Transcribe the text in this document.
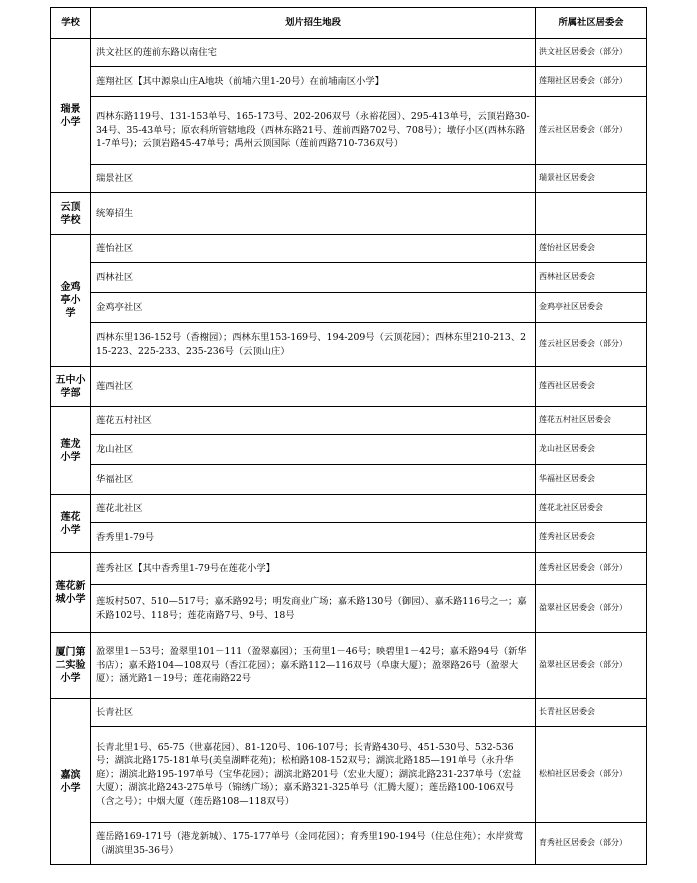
学校	划片招生地段	所属社区居委会
瑞景
小学	洪文社区的莲前东路以南住宅	洪文社区居委会（部分）
	莲翔社区【其中源泉山庄A地块（前埔六里1-20号）在前埔南区小学】	莲翔社区居委会（部分）
	西林东路119号、131-153单号、165-173号、202-206双号（永裕花园）、295-413单号，云顶岩路30-34号、35-43单号；原农科所管辖地段（西林东路21号、莲前西路702号、708号）；墩仔小区(西林东路1-7单号)；云顶岩路45-47单号；禹州云顶国际（莲前西路710-736双号）	莲云社区居委会（部分）
	瑞景社区	瑞景社区居委会
云顶
学校	统筹招生	
金鸡
亭小
学	莲怡社区	莲怡社区居委会
	西林社区	西林社区居委会
	金鸡亭社区	金鸡亭社区居委会
	西林东里136-152号（香榭园）；西林东里153-169号、194-209号（云顶花园）；西林东里210-213、215-223、225-233、235-236号（云顶山庄）	莲云社区居委会（部分）
五中小
学部	莲西社区	莲西社区居委会
莲龙
小学	莲花五村社区	莲花五村社区居委会
	龙山社区	龙山社区居委会
	华福社区	华福社区居委会
莲花
小学	莲花北社区	莲花北社区居委会
	香秀里1-79号	莲秀社区居委会
莲花新
城小学	莲秀社区【其中香秀里1-79号在莲花小学】	莲秀社区居委会（部分）
	莲坂村507、510—517号；嘉禾路92号；明发商业广场；嘉禾路130号（御园）、嘉禾路116号之一；嘉禾路102号、118号；莲花南路7号、9号、18号	盈翠社区居委会（部分）
厦门第
二实验
小学	盈翠里1－53号；盈翠里101－111（盈翠嘉园）；玉荷里1－46号；映碧里1－42号；嘉禾路94号（新华书店）；嘉禾路104—108双号（香江花园）；嘉禾路112—116双号（阜康大厦）；盈翠路26号（盈翠大厦）；涵光路1－19号；莲花南路22号	盈翠社区居委会（部分）
嘉滨
小学	长青社区	长青社区居委会
	长青北里1号、65-75（世嘉花园）、81-120号、106-107号；长青路430号、451-530号、532-536号；湖滨北路175-181单号(美皇湖畔花苑)；松柏路108-152双号；湖滨北路185—191单号（永升华庭）；湖滨北路195-197单号（宝华花园）；湖滨北路201号（宏业大厦）；湖滨北路231-237单号（宏益大厦）；湖滨北路243-275单号（锦绣广场）；嘉禾路321-325单号（汇腾大厦）；莲岳路100-106双号（含之号）；中烟大厦（莲岳路108—118双号）	松柏社区居委会（部分）
	莲岳路169-171号（港龙新城）、175-177单号（金同花园）；育秀里190-194号（住总住苑）；水岸赏莺（湖滨里35-36号）	育秀社区居委会（部分）
